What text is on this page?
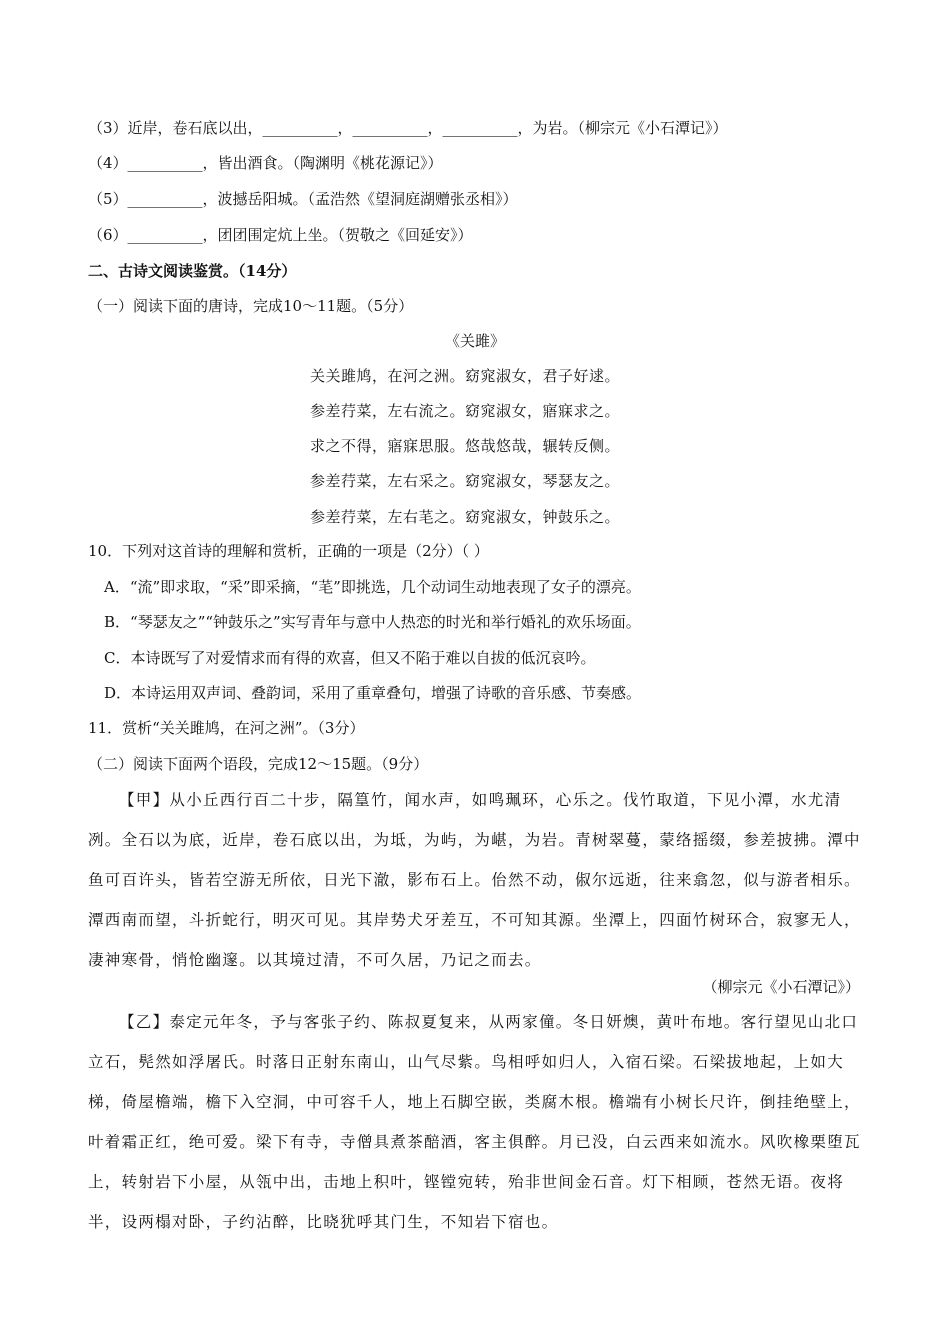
（3）近岸，卷石底以出，__________，__________，__________，为岩。（柳宗元《小石潭记》）
（4）__________，皆出酒食。（陶渊明《桃花源记》）
（5）__________，波撼岳阳城。（孟浩然《望洞庭湖赠张丞相》）
（6）__________，团团围定炕上坐。（贺敬之《回延安》）
二、古诗文阅读鉴赏。（14分）
（一）阅读下面的唐诗，完成10～11题。（5分）
《关雎》
关关雎鸠，在河之洲。窈窕淑女，君子好逑。
参差荇菜，左右流之。窈窕淑女，寤寐求之。
求之不得，寤寐思服。悠哉悠哉，辗转反侧。
参差荇菜，左右采之。窈窕淑女，琴瑟友之。
参差荇菜，左右芼之。窈窕淑女，钟鼓乐之。
10．下列对这首诗的理解和赏析，正确的一项是（2分）（ ）
A．“流”即求取，“采”即采摘，“芼”即挑选，几个动词生动地表现了女子的漂亮。
B．“琴瑟友之”“钟鼓乐之”实写青年与意中人热恋的时光和举行婚礼的欢乐场面。
C．本诗既写了对爱情求而有得的欢喜，但又不陷于难以自拔的低沉哀吟。
D．本诗运用双声词、叠韵词，采用了重章叠句，增强了诗歌的音乐感、节奏感。
11．赏析“关关雎鸠，在河之洲”。（3分）
（二）阅读下面两个语段，完成12～15题。（9分）
【甲】从小丘西行百二十步，隔篁竹，闻水声，如鸣珮环，心乐之。伐竹取道，下见小潭，水尤清冽。全石以为底，近岸，卷石底以出，为坻，为屿，为嵁，为岩。青树翠蔓，蒙络摇缀，参差披拂。潭中鱼可百许头，皆若空游无所依，日光下澈，影布石上。佁然不动，俶尔远逝，往来翕忽，似与游者相乐。潭西南而望，斗折蛇行，明灭可见。其岸势犬牙差互，不可知其源。坐潭上，四面竹树环合，寂寥无人，凄神寒骨，悄怆幽邃。以其境过清，不可久居，乃记之而去。
（柳宗元《小石潭记》）
【乙】泰定元年冬，予与客张子约、陈叔夏复来，从两家僮。冬日妍燠，黄叶布地。客行望见山北口立石，髡然如浮屠氏。时落日正射东南山，山气尽紫。鸟相呼如归人，入宿石梁。石梁拔地起，上如大梯，倚屋檐端，檐下入空洞，中可容千人，地上石脚空嵌，类腐木根。檐端有小树长尺许，倒挂绝壁上，叶着霜正红，绝可爱。梁下有寺，寺僧具煮茶醅酒，客主俱醉。月已没，白云西来如流水。风吹橡栗堕瓦上，转射岩下小屋，从瓴中出，击地上积叶，铿镗宛转，殆非世间金石音。灯下相顾，苍然无语。夜将半，设两榻对卧，子约沾醉，比晓犹呼其门生，不知岩下宿也。
